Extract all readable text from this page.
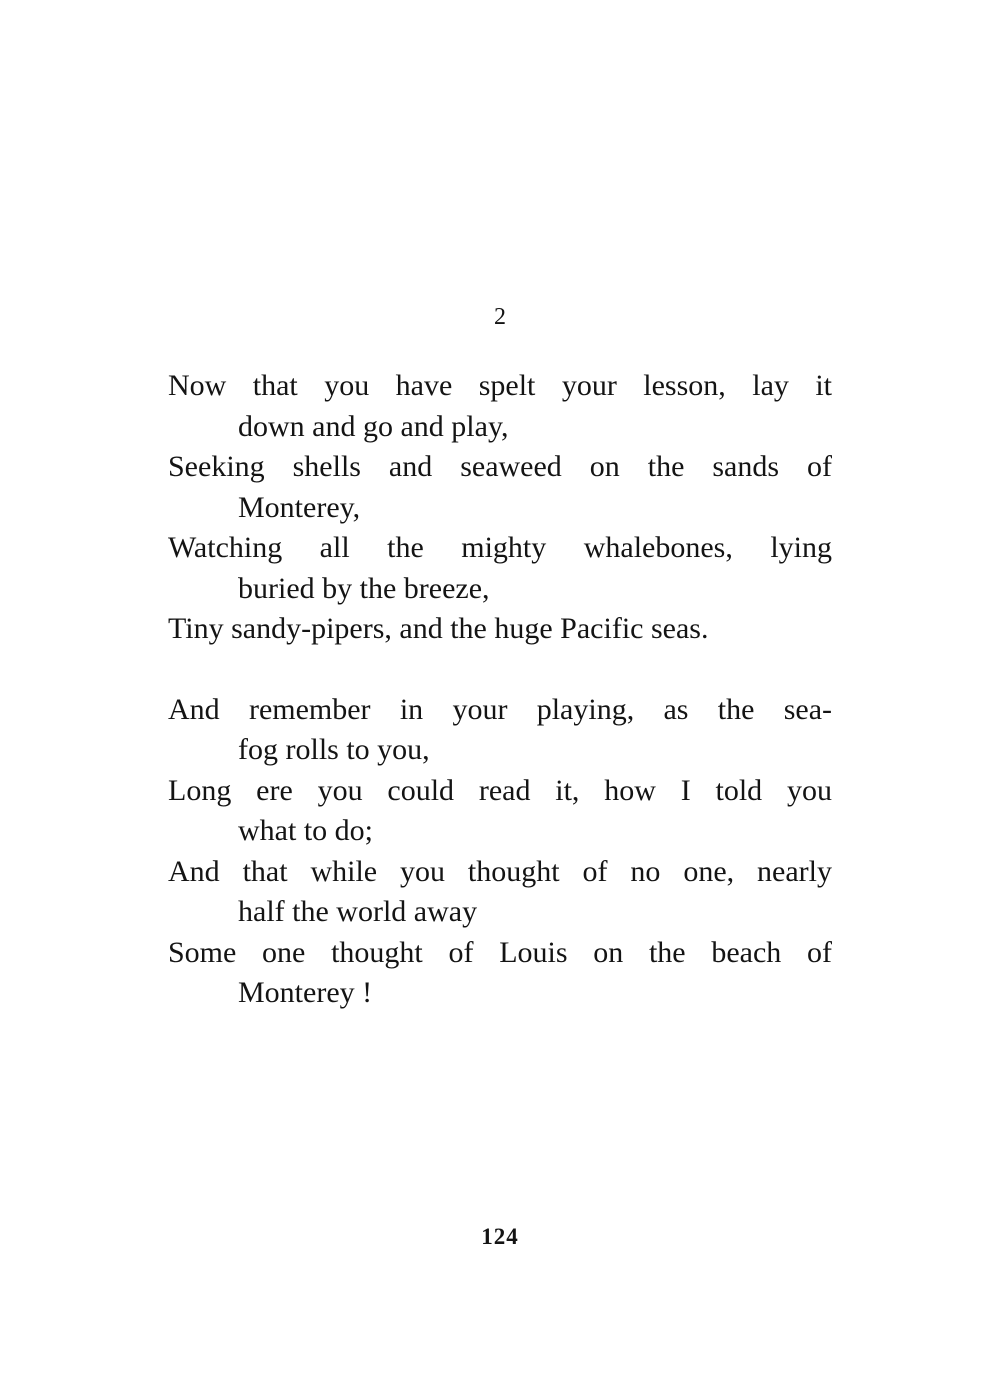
2
Now that you have spelt your lesson, lay it
down and go and play,
Seeking shells and seaweed on the sands of
Monterey,
Watching all the mighty whalebones, lying
buried by the breeze,
Tiny sandy-pipers, and the huge Pacific seas.
And remember in your playing, as the sea-
fog rolls to you,
Long ere you could read it, how I told you
what to do;
And that while you thought of no one, nearly
half the world away
Some one thought of Louis on the beach of
Monterey !
124
